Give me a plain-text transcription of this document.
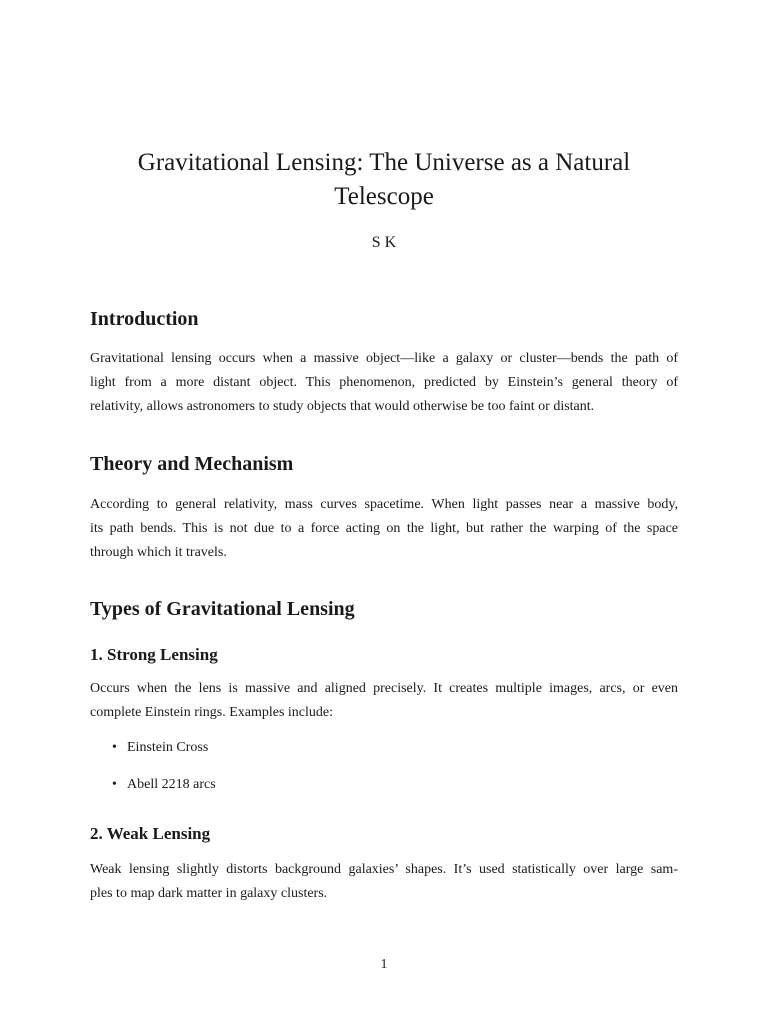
Gravitational Lensing: The Universe as a Natural
Telescope

S K

Introduction
Gravitational lensing occurs when a massive object—like a galaxy or cluster—bends the path of
light from a more distant object. This phenomenon, predicted by Einstein’s general theory of
relativity, allows astronomers to study objects that would otherwise be too faint or distant.
Theory and Mechanism
According to general relativity, mass curves spacetime. When light passes near a massive body,
its path bends. This is not due to a force acting on the light, but rather the warping of the space
through which it travels.
Types of Gravitational Lensing
1. Strong Lensing
Occurs when the lens is massive and aligned precisely. It creates multiple images, arcs, or even
complete Einstein rings. Examples include:
• Einstein Cross
• Abell 2218 arcs
2. Weak Lensing
Weak lensing slightly distorts background galaxies’ shapes. It’s used statistically over large sam-
ples to map dark matter in galaxy clusters.
1
